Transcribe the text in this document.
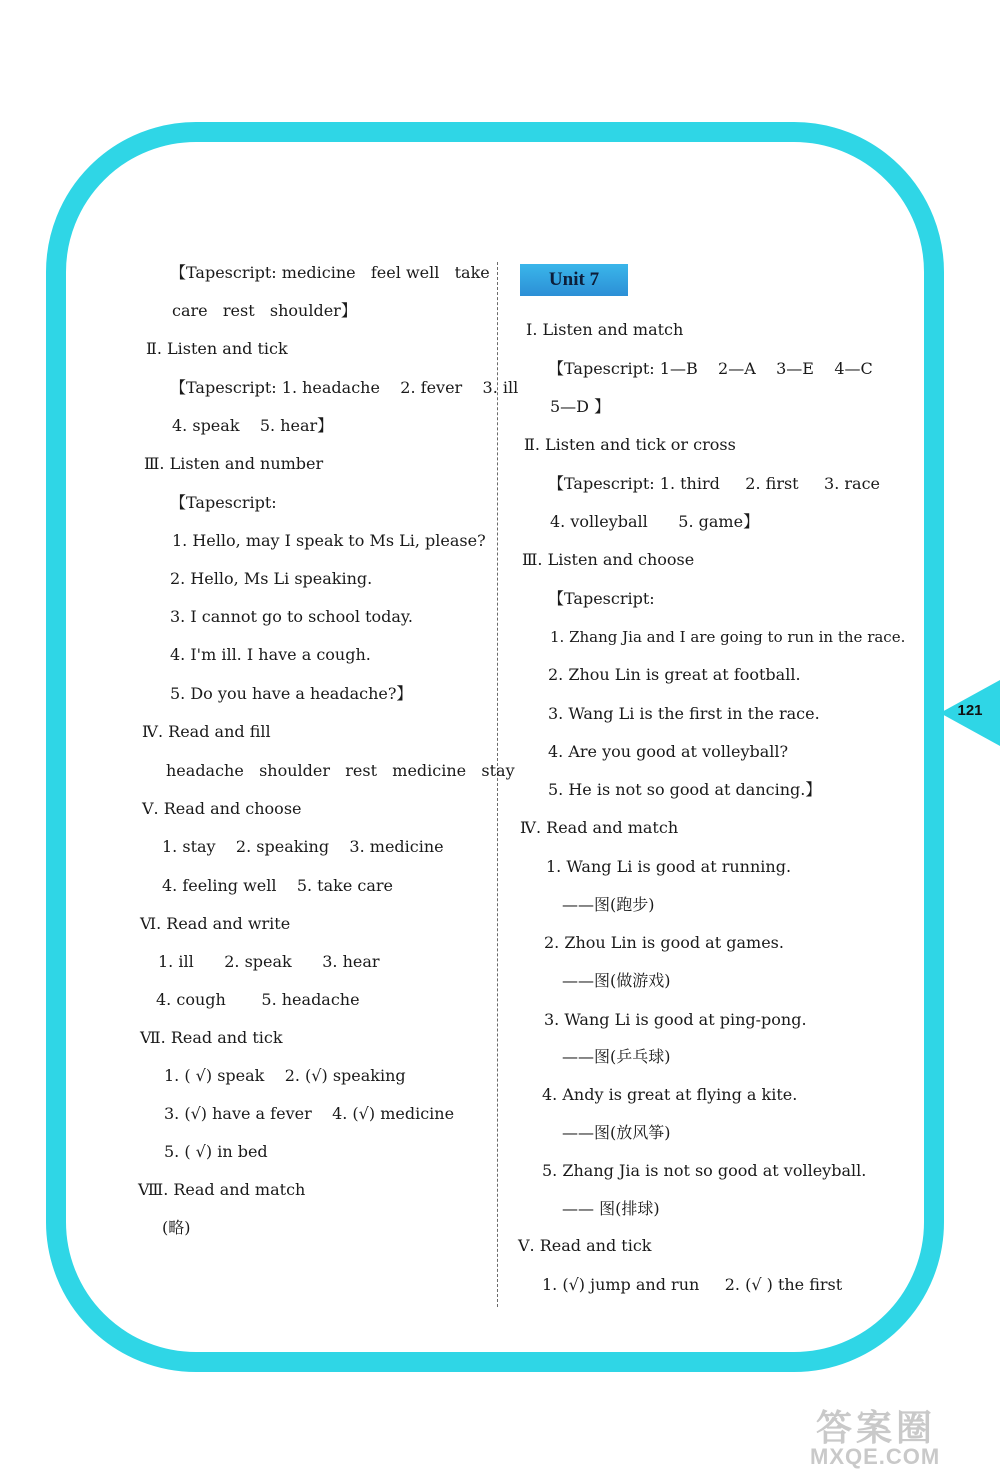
121
【Tapescript: medicine   feel well   take
care   rest   shoulder】
Ⅱ. Listen and tick
【Tapescript: 1. headache    2. fever    3. ill
4. speak    5. hear】
Ⅲ. Listen and number
【Tapescript:
1. Hello, may I speak to Ms Li, please?
2. Hello, Ms Li speaking.
3. I cannot go to school today.
4. I'm ill. I have a cough.
5. Do you have a headache?】
Ⅳ. Read and fill
headache   shoulder   rest   medicine   stay
Ⅴ. Read and choose
1. stay    2. speaking    3. medicine
4. feeling well    5. take care
Ⅵ. Read and write
1. ill      2. speak      3. hear
4. cough       5. headache
Ⅶ. Read and tick
1. ( √) speak    2. (√) speaking
3. (√) have a fever    4. (√) medicine
5. ( √) in bed
Ⅷ. Read and match
(略)
Unit 7
Ⅰ. Listen and match
【Tapescript: 1—B    2—A    3—E    4—C
5—D 】
Ⅱ. Listen and tick or cross
【Tapescript: 1. third     2. first     3. race
4. volleyball      5. game】
Ⅲ. Listen and choose
【Tapescript:
1. Zhang Jia and I are going to run in the race.
2. Zhou Lin is great at football.
3. Wang Li is the first in the race.
4. Are you good at volleyball?
5. He is not so good at dancing.】
Ⅳ. Read and match
1. Wang Li is good at running.
——图(跑步)
2. Zhou Lin is good at games.
——图(做游戏)
3. Wang Li is good at ping-pong.
——图(乒乓球)
4. Andy is great at flying a kite.
——图(放风筝)
5. Zhang Jia is not so good at volleyball.
—— 图(排球)
Ⅴ. Read and tick
1. (√) jump and run     2. (√ ) the first
答案圈
MXQE.COM
